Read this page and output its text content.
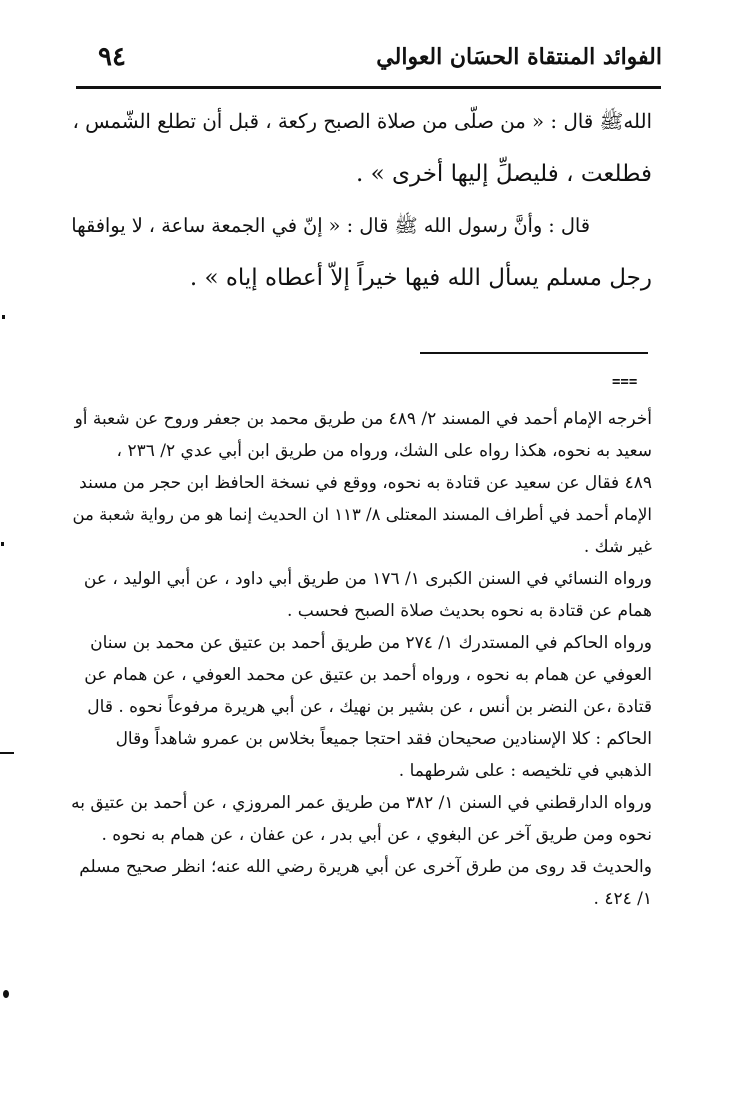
٩٤	الفوائد المنتقاة الحسَان العوالي
اللهﷺ قال : « من صلّى من صلاة الصبح ركعة ، قبل أن تطلع الشّمس ،
فطلعت ، فليصلِّ إليها أخرى » .
قال : وأنَّ رسول الله ﷺ قال : « إنّ في الجمعة ساعة ، لا يوافقها
رجل مسلم يسأل الله فيها خيراً إلاّ أعطاه إياه » .
===
أخرجه الإمام أحمد في المسند ٢/ ٤٨٩ من طريق محمد بن جعفر وروح عن شعبة أو
سعيد به نحوه، هكذا رواه على الشك، ورواه من طريق ابن أبي عدي ٢/ ٢٣٦ ،
٤٨٩ فقال عن سعيد عن قتادة به نحوه، ووقع في نسخة الحافظ ابن حجر من مسند
الإمام أحمد في أطراف المسند المعتلى ٨/ ١١٣ ان الحديث إنما هو من رواية شعبة من
غير شك .
ورواه النسائي في السنن الكبرى ١/ ١٧٦ من طريق أبي داود ، عن أبي الوليد ، عن
همام عن قتادة به نحوه بحديث صلاة الصبح فحسب .
ورواه الحاكم في المستدرك ١/ ٢٧٤ من طريق أحمد بن عتيق عن محمد بن سنان
العوفي عن همام به نحوه ، ورواه أحمد بن عتيق عن محمد العوفي ، عن همام عن
قتادة ،عن النضر بن أنس ، عن بشير بن نهيك ، عن أبي هريرة مرفوعاً نحوه . قال
الحاكم : كلا الإسنادين صحيحان فقد احتجا جميعاً بخلاس بن عمرو شاهداً وقال
الذهبي في تلخيصه : على شرطهما .
ورواه الدارقطني في السنن ١/ ٣٨٢ من طريق عمر المروزي ، عن أحمد بن عتيق به
نحوه ومن طريق آخر عن البغوي ، عن أبي بدر ، عن عفان ، عن همام به نحوه .
والحديث قد روى من طرق آخرى عن أبي هريرة رضي الله عنه؛ انظر صحيح مسلم
١/ ٤٢٤ .
